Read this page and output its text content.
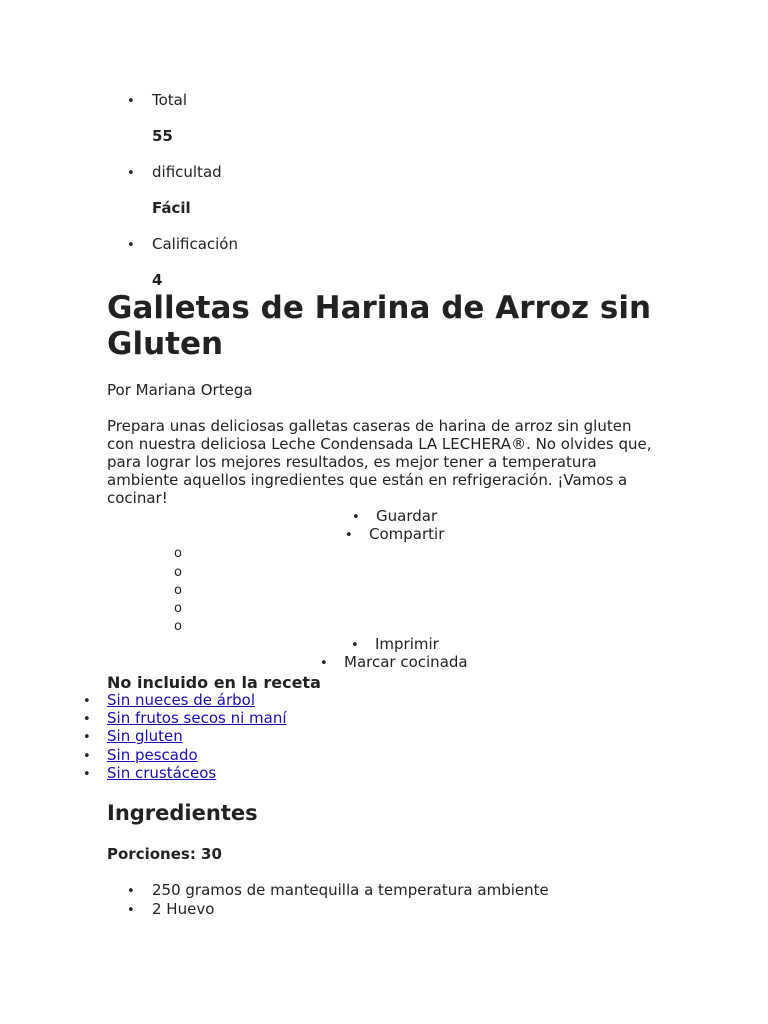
• Total
55
• dificultad
Fácil
• Calificación
4
Galletas de Harina de Arroz sin
Gluten
Por Mariana Ortega
Prepara unas deliciosas galletas caseras de harina de arroz sin gluten
con nuestra deliciosa Leche Condensada LA LECHERA®. No olvides que,
para lograr los mejores resultados, es mejor tener a temperatura
ambiente aquellos ingredientes que están en refrigeración. ¡Vamos a
cocinar!
• Guardar
• Compartir
o
o
o
o
o
• Imprimir
• Marcar cocinada
No incluido en la receta
• Sin nueces de árbol
• Sin frutos secos ni maní
• Sin gluten
• Sin pescado
• Sin crustáceos
Ingredientes
Porciones: 30
• 250 gramos de mantequilla a temperatura ambiente
• 2 Huevo
